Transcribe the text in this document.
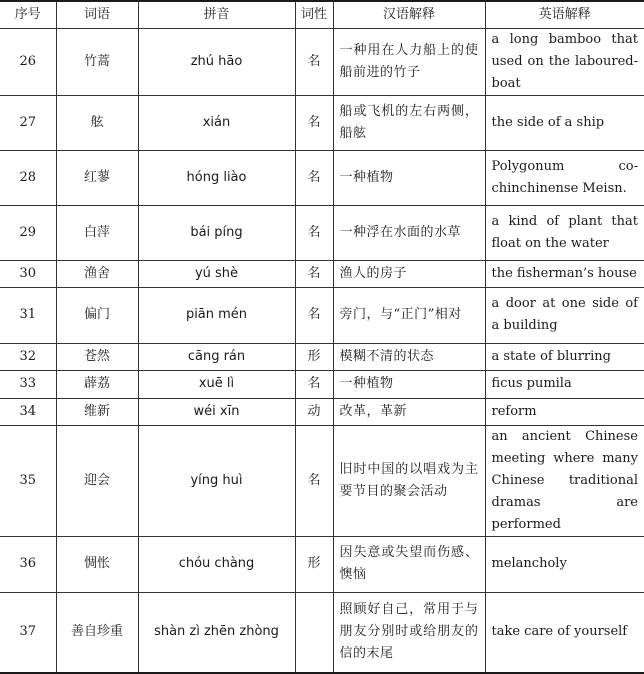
序号	词语	拼音	词性	汉语解释	英语解释
26	竹蒿	zhú hāo	名	一种用在人力船上的使船前进的竹子	a long bamboo that used on the laboured-boat
27	舷	xián	名	船或飞机的左右两侧，船舷	the side of a ship
28	红蓼	hóng liào	名	一种植物	Polygonum co-chinchinense Meisn.
29	白萍	bái píng	名	一种浮在水面的水草	a kind of plant that float on the water
30	渔舍	yú shè	名	渔人的房子	the fisherman’s house
31	偏门	piān mén	名	旁门，与“正门”相对	a door at one side of a building
32	苍然	cāng rán	形	模糊不清的状态	a state of blurring
33	薜荔	xuē lì	名	一种植物	ficus pumila
34	维新	wéi xīn	动	改革，革新	reform
35	迎会	yíng huì	名	旧时中国的以唱戏为主要节目的聚会活动	an ancient Chinese meeting where many Chinese traditional dramas are performed
36	惆怅	chóu chàng	形	因失意或失望而伤感、懊恼	melancholy
37	善自珍重	shàn zì zhēn zhòng		照顾好自己，常用于与朋友分别时或给朋友的信的末尾	take care of yourself
